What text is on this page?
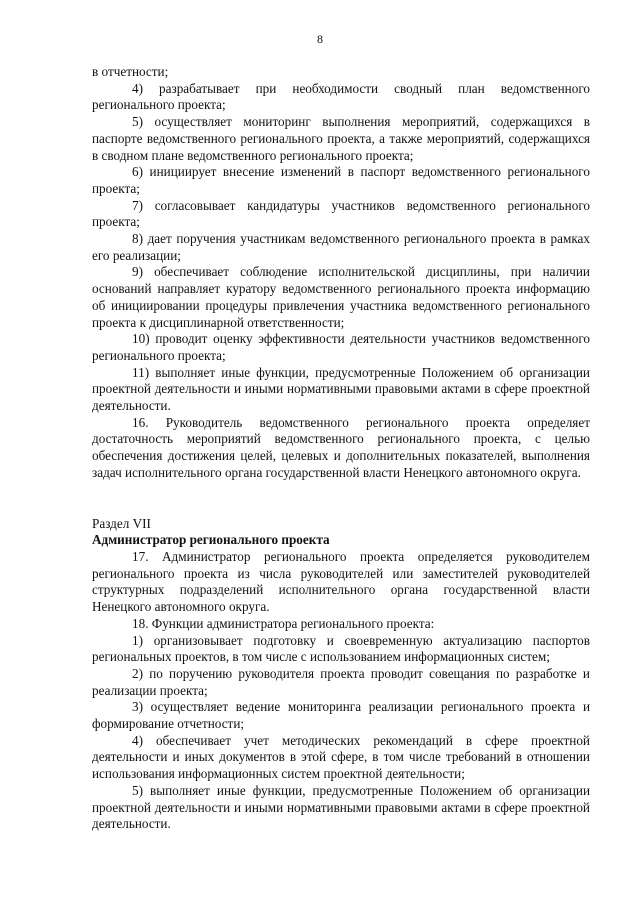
8

в отчетности;

4) разрабатывает при необходимости сводный план ведомственного регионального проекта;

5) осуществляет мониторинг выполнения мероприятий, содержащихся в паспорте ведомственного регионального проекта, а также мероприятий, содержащихся в сводном плане ведомственного регионального проекта;

6) инициирует внесение изменений в паспорт ведомственного регионального проекта;

7) согласовывает кандидатуры участников ведомственного регионального проекта;

8) дает поручения участникам ведомственного регионального проекта в рамках его реализации;

9) обеспечивает соблюдение исполнительской дисциплины, при наличии оснований направляет куратору ведомственного регионального проекта информацию об инициировании процедуры привлечения участника ведомственного регионального проекта к дисциплинарной ответственности;

10) проводит оценку эффективности деятельности участников ведомственного регионального проекта;

11) выполняет иные функции, предусмотренные Положением об организации проектной деятельности и иными нормативными правовыми актами в сфере проектной деятельности.

16. Руководитель ведомственного регионального проекта определяет достаточность мероприятий ведомственного регионального проекта, с целью обеспечения достижения целей, целевых и дополнительных показателей, выполнения задач исполнительного органа государственной власти Ненецкого автономного округа.

Раздел VII

Администратор регионального проекта

17. Администратор регионального проекта определяется руководителем регионального проекта из числа руководителей или заместителей руководителей структурных подразделений исполнительного органа государственной власти Ненецкого автономного округа.

18. Функции администратора регионального проекта:

1) организовывает подготовку и своевременную актуализацию паспортов региональных проектов, в том числе с использованием информационных систем;

2) по поручению руководителя проекта проводит совещания по разработке и реализации проекта;

3) осуществляет ведение мониторинга реализации регионального проекта и формирование отчетности;

4) обеспечивает учет методических рекомендаций в сфере проектной деятельности и иных документов в этой сфере, в том числе требований в отношении использования информационных систем проектной деятельности;

5) выполняет иные функции, предусмотренные Положением об организации проектной деятельности и иными нормативными правовыми актами в сфере проектной деятельности.
